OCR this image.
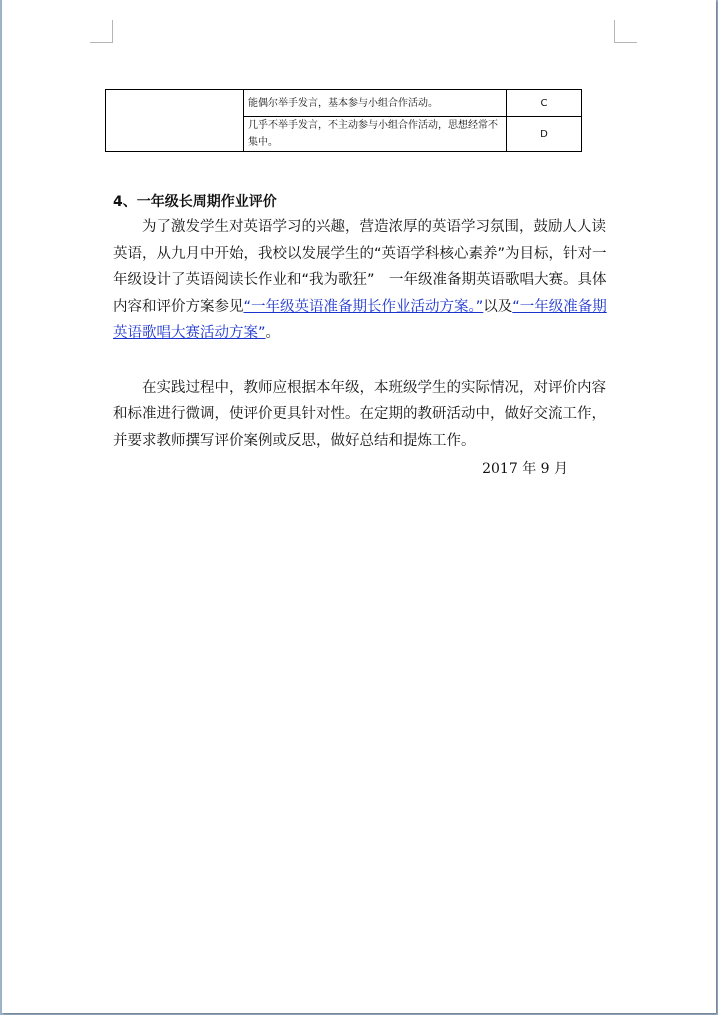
	能偶尔举手发言，基本参与小组合作活动。	C
	几乎不举手发言，不主动参与小组合作活动，思想经常不集中。	D
4、一年级长周期作业评价

为了激发学生对英语学习的兴趣，营造浓厚的英语学习氛围，鼓励人人读英语，从九月中开始，我校以发展学生的“英语学科核心素养”为目标，针对一年级设计了英语阅读长作业和“我为歌狂”　一年级准备期英语歌唱大赛。具体内容和评价方案参见“一年级英语准备期长作业活动方案。”以及“一年级准备期英语歌唱大赛活动方案”。

在实践过程中，教师应根据本年级，本班级学生的实际情况，对评价内容和标准进行微调，使评价更具针对性。在定期的教研活动中，做好交流工作，并要求教师撰写评价案例或反思，做好总结和提炼工作。

2017 年 9 月
